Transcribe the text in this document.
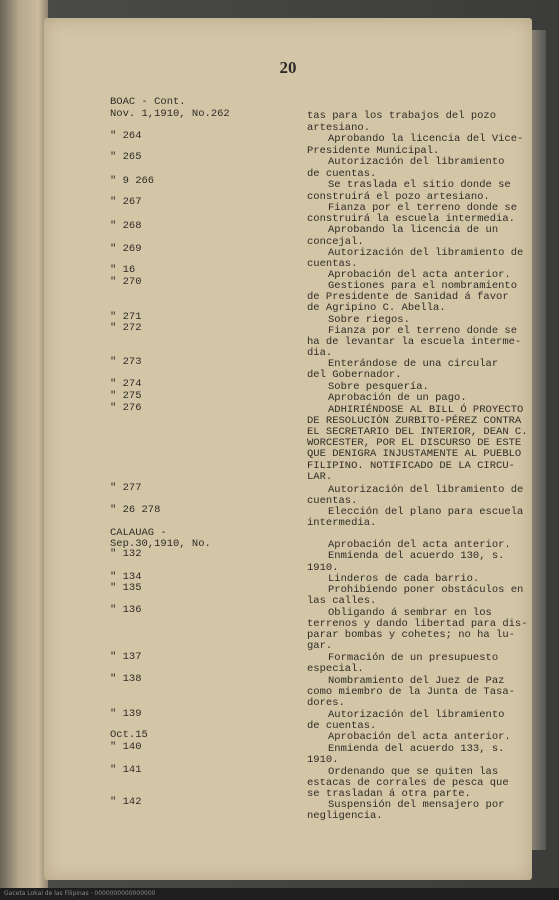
20
BOAC - Cont.
Nov. 1,1910, No.262
" 264
" 265
" 9 266
" 267
" 268
" 269
" 16
" 270
" 271
" 272
" 273
" 274
" 275
" 276
" 277
" 26 278
CALAUAG -
Sep.30,1910, No.
" 132
" 134
" 135
" 136
" 137
" 138
" 139
Oct.15
" 140
" 141
" 142
tas para los trabajos del pozo
artesiano.
Aprobando la licencia del Vice-
Presidente Municipal.
Autorización del libramiento
de cuentas.
Se traslada el sitio donde se
construirá el pozo artesiano.
Fianza por el terreno donde se
construirá la escuela intermedia.
Aprobando la licencia de un
concejal.
Autorización del libramiento de
cuentas.
Aprobación del acta anterior.
Gestiones para el nombramiento
de Presidente de Sanidad á favor
de Agripino C. Abella.
Sobre riegos.
Fianza por el terreno donde se
ha de levantar la escuela interme-
dia.
Enterándose de una circular
del Gobernador.
Sobre pesquería.
Aprobación de un pago.
ADHIRIÉNDOSE AL BILL Ó PROYECTO
DE RESOLUCIÓN ZURBITO-PÉREZ CONTRA
EL SECRETARIO DEL INTERIOR, DEAN C.
WORCESTER, POR EL DISCURSO DE ESTE
QUE DENIGRA INJUSTAMENTE AL PUEBLO
FILIPINO. NOTIFICADO DE LA CIRCU-
LAR.
Autorización del libramiento de
cuentas.
Elección del plano para escuela
intermedia.
Aprobación del acta anterior.
Enmienda del acuerdo 130, s.
1910.
Linderos de cada barrio.
Prohibiendo poner obstáculos en
las calles.
Obligando á sembrar en los
terrenos y dando libertad para dis-
parar bombas y cohetes; no ha lu-
gar.
Formación de un presupuesto
especial.
Nombramiento del Juez de Paz
como miembro de la Junta de Tasa-
dores.
Autorización del libramiento
de cuentas.
Aprobación del acta anterior.
Enmienda del acuerdo 133, s.
1910.
Ordenando que se quiten las
estacas de corrales de pesca que
se trasladan á otra parte.
Suspensión del mensajero por
negligencia.
Gaceta Lokal de las Filipinas · 0000000000000000
